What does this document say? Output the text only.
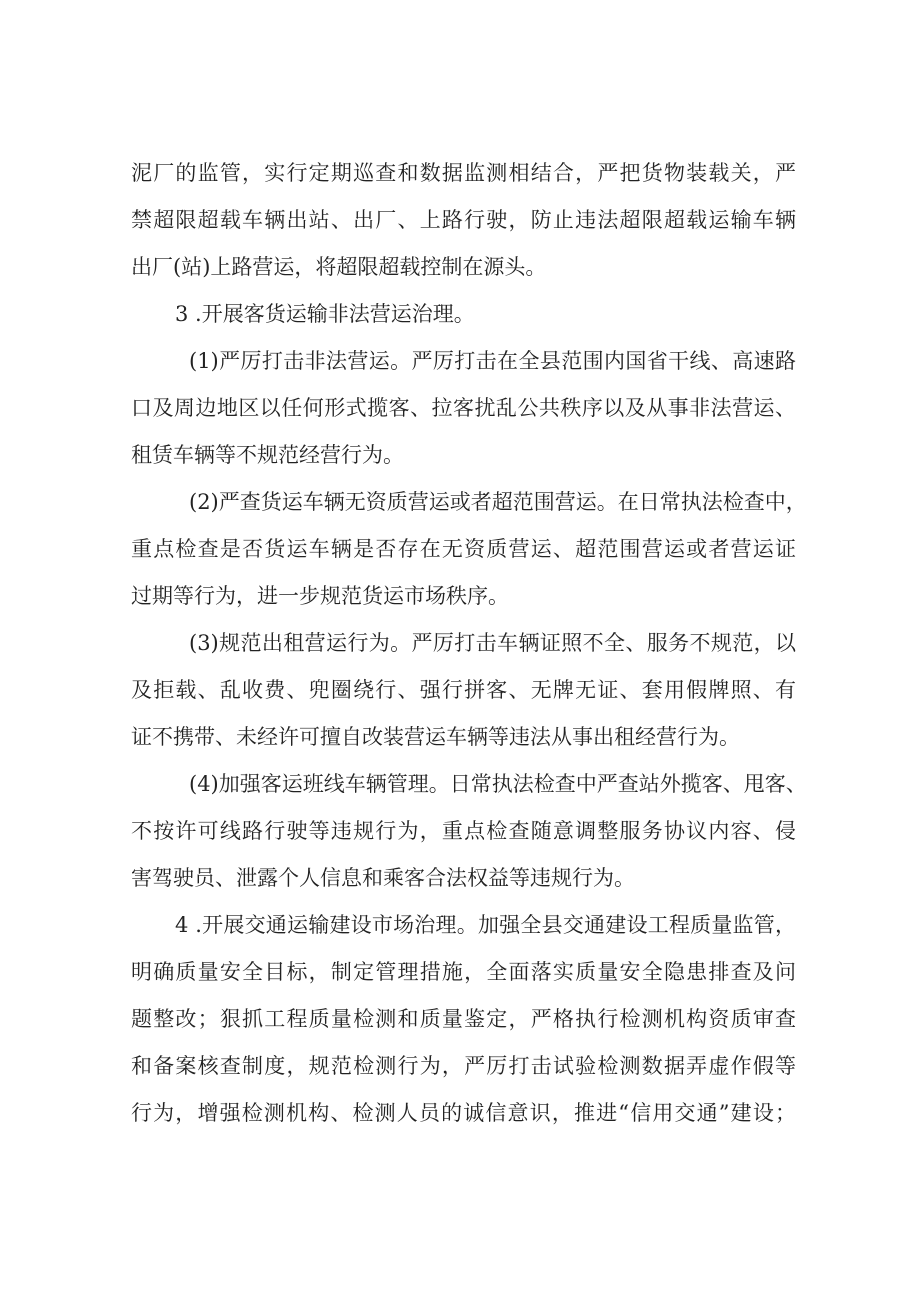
泥厂的监管，实行定期巡查和数据监测相结合，严把货物装载关，严
禁超限超载车辆出站、出厂、上路行驶，防止违法超限超载运输车辆
出厂(站)上路营运，将超限超载控制在源头。
3 .开展客货运输非法营运治理。
(1)严厉打击非法营运。严厉打击在全县范围内国省干线、高速路
口及周边地区以任何形式揽客、拉客扰乱公共秩序以及从事非法营运、
租赁车辆等不规范经营行为。
(2)严查货运车辆无资质营运或者超范围营运。在日常执法检查中，
重点检查是否货运车辆是否存在无资质营运、超范围营运或者营运证
过期等行为，进一步规范货运市场秩序。
(3)规范出租营运行为。严厉打击车辆证照不全、服务不规范，以
及拒载、乱收费、兜圈绕行、强行拼客、无牌无证、套用假牌照、有
证不携带、未经许可擅自改装营运车辆等违法从事出租经营行为。
(4)加强客运班线车辆管理。日常执法检查中严查站外揽客、甩客、
不按许可线路行驶等违规行为，重点检查随意调整服务协议内容、侵
害驾驶员、泄露个人信息和乘客合法权益等违规行为。
4 .开展交通运输建设市场治理。加强全县交通建设工程质量监管，
明确质量安全目标，制定管理措施，全面落实质量安全隐患排查及问
题整改；狠抓工程质量检测和质量鉴定，严格执行检测机构资质审查
和备案核查制度，规范检测行为，严厉打击试验检测数据弄虚作假等
行为，增强检测机构、检测人员的诚信意识，推进“信用交通”建设；
